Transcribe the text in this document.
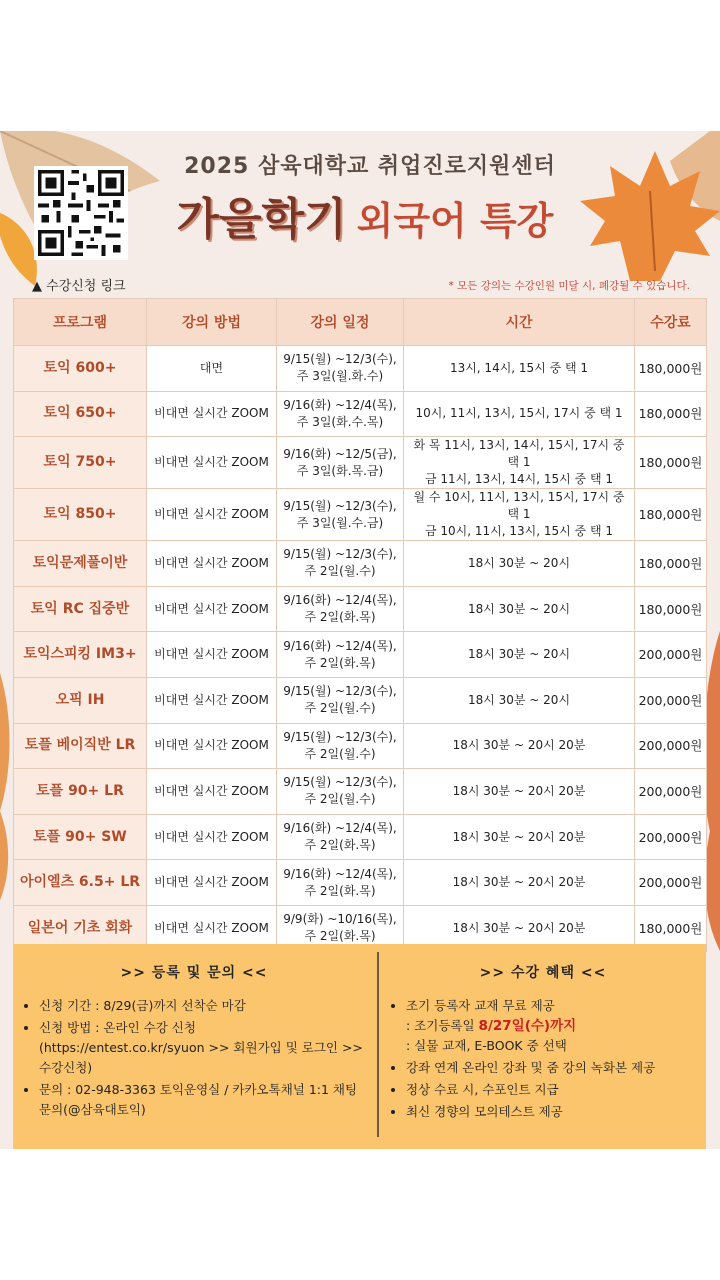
2025 삼육대학교 취업진로지원센터
가을학기 외국어 특강
▲ 수강신청 링크	* 모든 강의는 수강인원 미달 시, 폐강될 수 있습니다.
프로그램	강의 방법	강의 일정	시간	수강료
토익 600+	대면	9/15(월) ~12/3(수),
주 3일(월.화.수)	13시, 14시, 15시 중 택 1	180,000원
토익 650+	비대면 실시간 ZOOM	9/16(화) ~12/4(목),
주 3일(화.수.목)	10시, 11시, 13시, 15시, 17시 중 택 1	180,000원
토익 750+	비대면 실시간 ZOOM	9/16(화) ~12/5(금),
주 3일(화.목.금)	화 목 11시, 13시, 14시, 15시, 17시 중 택 1
금 11시, 13시, 14시, 15시 중 택 1	180,000원
토익 850+	비대면 실시간 ZOOM	9/15(월) ~12/3(수),
주 3일(월.수.금)	월 수 10시, 11시, 13시, 15시, 17시 중 택 1
금 10시, 11시, 13시, 15시 중 택 1	180,000원
토익문제풀이반	비대면 실시간 ZOOM	9/15(월) ~12/3(수),
주 2일(월.수)	18시 30분 ~ 20시	180,000원
토익 RC 집중반	비대면 실시간 ZOOM	9/16(화) ~12/4(목),
주 2일(화.목)	18시 30분 ~ 20시	180,000원
토익스피킹 IM3+	비대면 실시간 ZOOM	9/16(화) ~12/4(목),
주 2일(화.목)	18시 30분 ~ 20시	200,000원
오픽 IH	비대면 실시간 ZOOM	9/15(월) ~12/3(수),
주 2일(월.수)	18시 30분 ~ 20시	200,000원
토플 베이직반 LR	비대면 실시간 ZOOM	9/15(월) ~12/3(수),
주 2일(월.수)	18시 30분 ~ 20시 20분	200,000원
토플 90+ LR	비대면 실시간 ZOOM	9/15(월) ~12/3(수),
주 2일(월.수)	18시 30분 ~ 20시 20분	200,000원
토플 90+ SW	비대면 실시간 ZOOM	9/16(화) ~12/4(목),
주 2일(화.목)	18시 30분 ~ 20시 20분	200,000원
아이엘츠 6.5+ LR	비대면 실시간 ZOOM	9/16(화) ~12/4(목),
주 2일(화.목)	18시 30분 ~ 20시 20분	200,000원
일본어 기초 회화	비대면 실시간 ZOOM	9/9(화) ~10/16(목),
주 2일(화.목)	18시 30분 ~ 20시 20분	180,000원
>> 등록 및 문의 <<
• 신청 기간 : 8/29(금)까지 선착순 마감
• 신청 방법 : 온라인 수강 신청
(https://entest.co.kr/syuon >> 회원가입 및 로그인 >> 수강신청)
• 문의 : 02-948-3363 토익운영실 / 카카오톡채널 1:1 채팅 문의(@삼육대토익)
>> 수강 혜택 <<
• 조기 등록자 교재 무료 제공
: 조기등록일 8/27일(수)까지
: 실물 교재, E-BOOK 중 선택
• 강좌 연계 온라인 강좌 및 줌 강의 녹화본 제공
• 정상 수료 시, 수포인트 지급
• 최신 경향의 모의테스트 제공
